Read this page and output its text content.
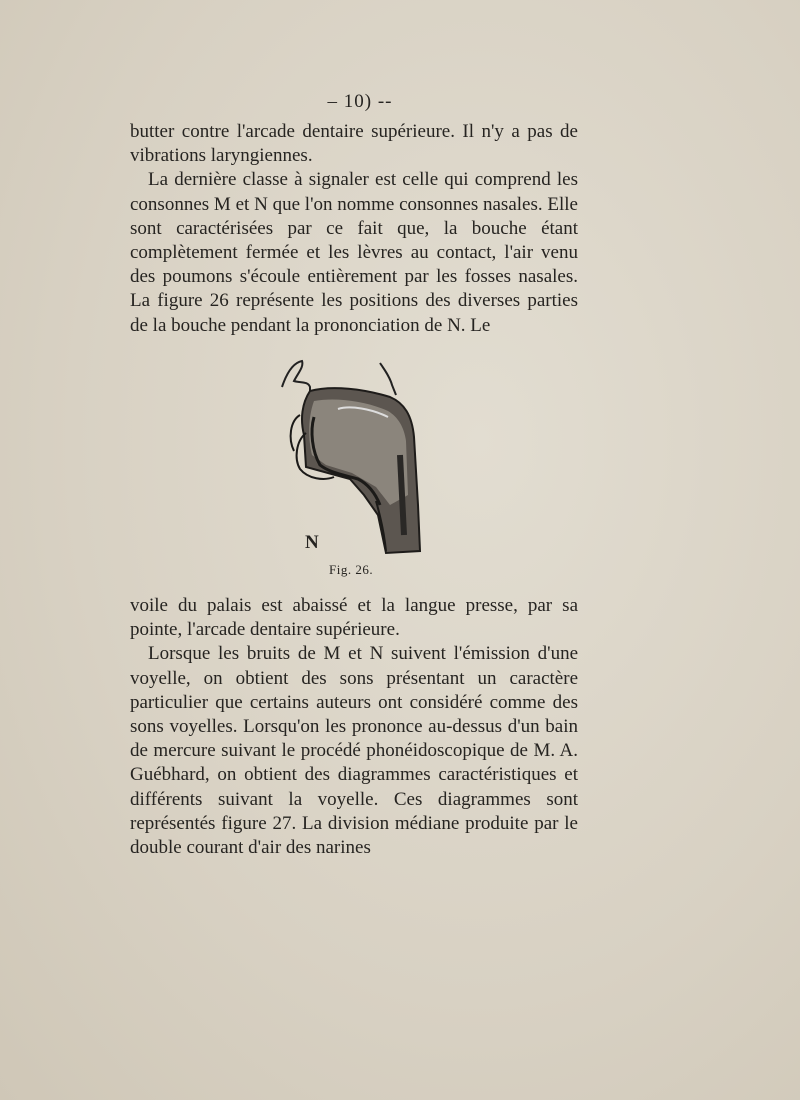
– 10) --

butter contre l'arcade dentaire supérieure. Il n'y a pas de vibrations laryngiennes.

La dernière classe à signaler est celle qui comprend les consonnes M et N que l'on nomme consonnes nasales. Elle sont caractérisées par ce fait que, la bouche étant complètement fermée et les lèvres au contact, l'air venu des poumons s'écoule entièrement par les fosses nasales. La figure 26 représente les positions des diverses parties de la bouche pendant la prononciation de N. Le

N
Fig. 26.

voile du palais est abaissé et la langue presse, par sa pointe, l'arcade dentaire supérieure.

Lorsque les bruits de M et N suivent l'émission d'une voyelle, on obtient des sons présentant un caractère particulier que certains auteurs ont considéré comme des sons voyelles. Lorsqu'on les prononce au-dessus d'un bain de mercure suivant le procédé phonéidoscopique de M. A. Guébhard, on obtient des diagrammes caractéristiques et différents suivant la voyelle. Ces diagrammes sont représentés figure 27. La division médiane produite par le double courant d'air des narines
